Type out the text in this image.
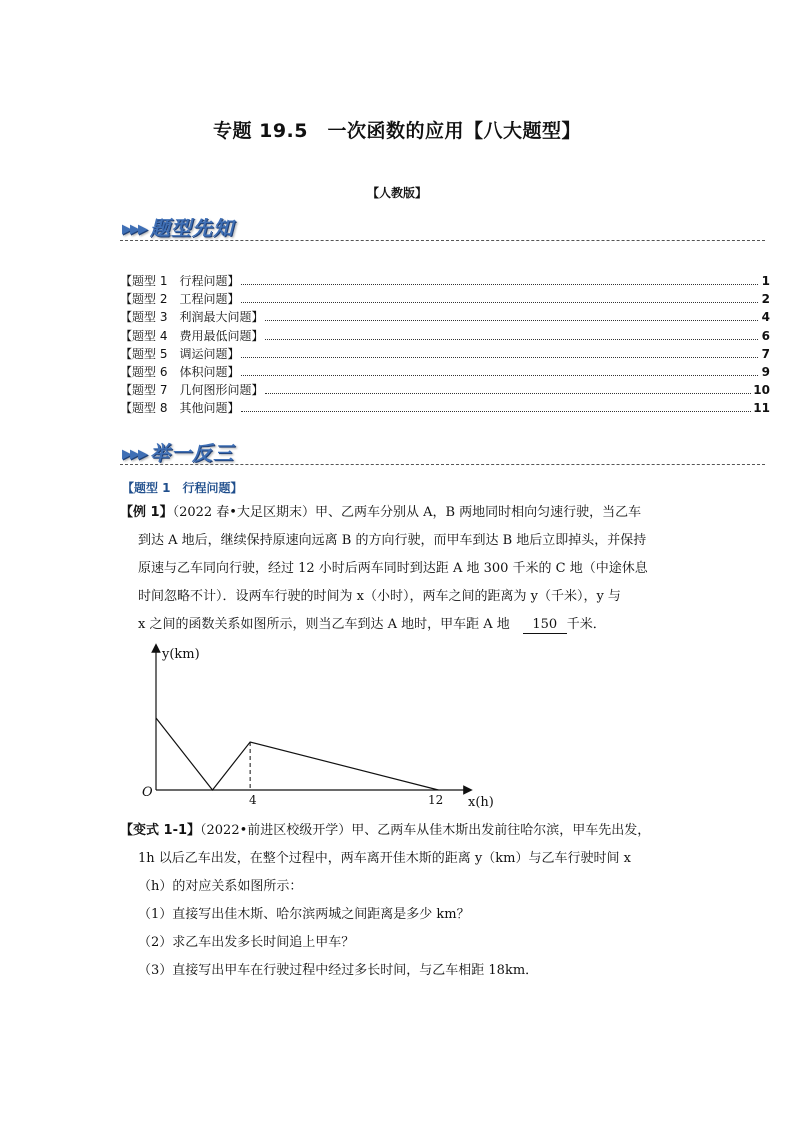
专题 19.5　一次函数的应用【八大题型】
【人教版】
▶▶▶ 题型先知
【题型 1　行程问题】	1
【题型 2　工程问题】	2
【题型 3　利润最大问题】	4
【题型 4　费用最低问题】	6
【题型 5　调运问题】	7
【题型 6　体积问题】	9
【题型 7　几何图形问题】	10
【题型 8　其他问题】	11
▶▶▶ 举一反三
【题型 1　行程问题】
【例 1】（2022 春•大足区期末）甲、乙两车分别从 A，B 两地同时相向匀速行驶，当乙车
到达 A 地后，继续保持原速向远离 B 的方向行驶，而甲车到达 B 地后立即掉头，并保持
原速与乙车同向行驶，经过 12 小时后两车同时到达距 A 地 300 千米的 C 地（中途休息
时间忽略不计）．设两车行驶的时间为 x（小时），两车之间的距离为 y（千米），y 与
x 之间的函数关系如图所示，则当乙车到达 A 地时，甲车距 A 地　 150 千米．
y(km)
x(h)
O	4	12
【变式 1-1】（2022•前进区校级开学）甲、乙两车从佳木斯出发前往哈尔滨，甲车先出发，
1h 以后乙车出发，在整个过程中，两车离开佳木斯的距离 y（km）与乙车行驶时间 x
（h）的对应关系如图所示：
（1）直接写出佳木斯、哈尔滨两城之间距离是多少 km？
（2）求乙车出发多长时间追上甲车？
（3）直接写出甲车在行驶过程中经过多长时间，与乙车相距 18km．
